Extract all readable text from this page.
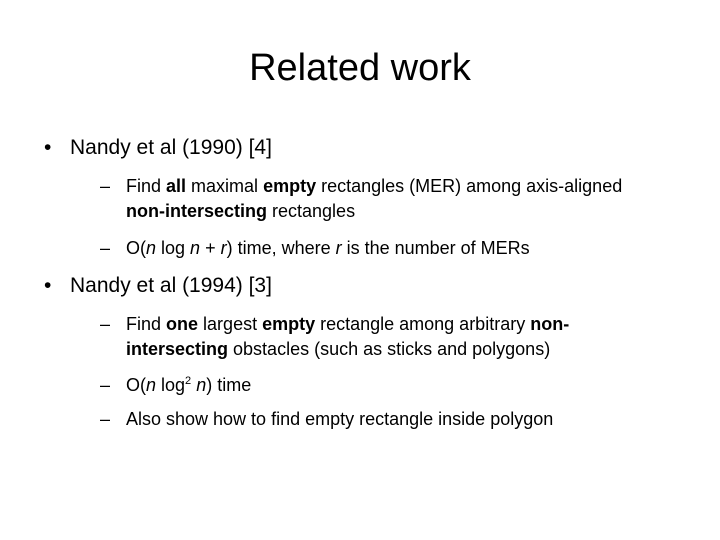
Related work
• Nandy et al (1990) [4]
– Find all maximal empty rectangles (MER) among axis-aligned non-intersecting rectangles
– O(n log n + r) time, where r is the number of MERs
• Nandy et al (1994) [3]
– Find one largest empty rectangle among arbitrary non-intersecting obstacles (such as sticks and polygons)
– O(n $\log^2 n$) time
– Also show how to find empty rectangle inside polygon
